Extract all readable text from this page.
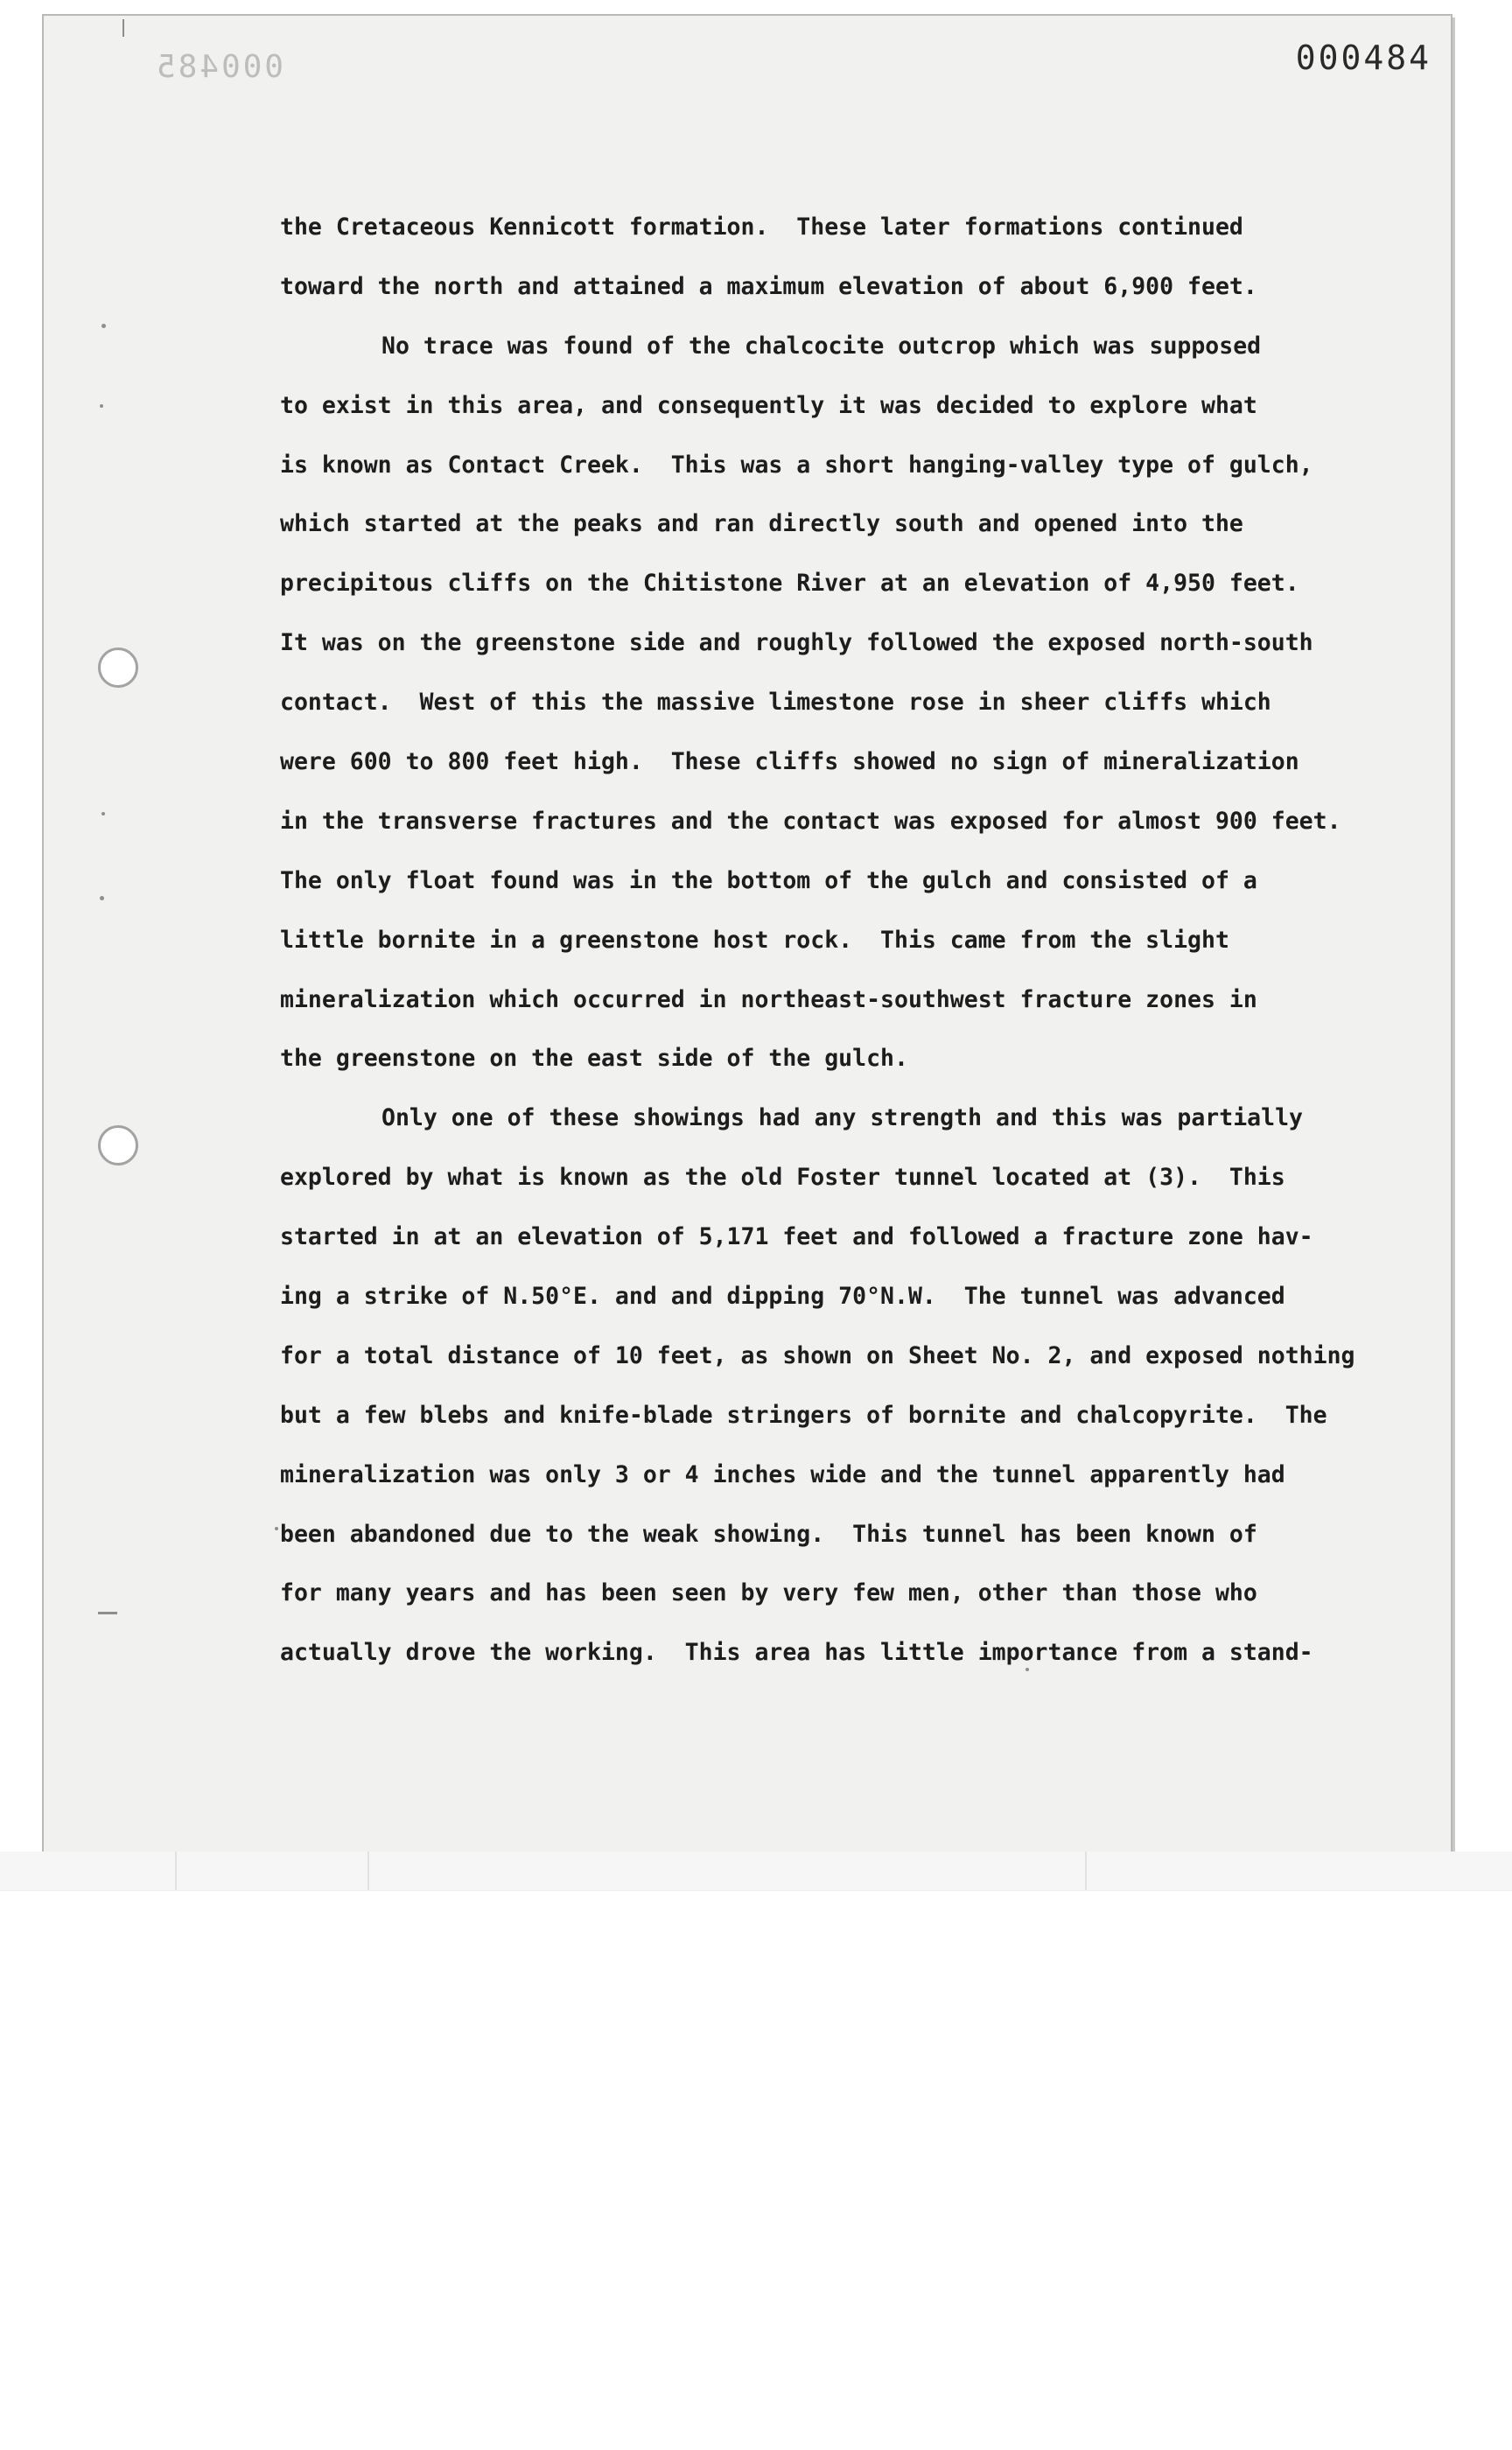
000484
000485
the Cretaceous Kennicott formation.  These later formations continued
toward the north and attained a maximum elevation of about 6,900 feet.
No trace was found of the chalcocite outcrop which was supposed
to exist in this area, and consequently it was decided to explore what
is known as Contact Creek.  This was a short hanging-valley type of gulch,
which started at the peaks and ran directly south and opened into the
precipitous cliffs on the Chitistone River at an elevation of 4,950 feet.
It was on the greenstone side and roughly followed the exposed north-south
contact.  West of this the massive limestone rose in sheer cliffs which
were 600 to 800 feet high.  These cliffs showed no sign of mineralization
in the transverse fractures and the contact was exposed for almost 900 feet.
The only float found was in the bottom of the gulch and consisted of a
little bornite in a greenstone host rock.  This came from the slight
mineralization which occurred in northeast-southwest fracture zones in
the greenstone on the east side of the gulch.
Only one of these showings had any strength and this was partially
explored by what is known as the old Foster tunnel located at (3).  This
started in at an elevation of 5,171 feet and followed a fracture zone hav-
ing a strike of N.50°E. and and dipping 70°N.W.  The tunnel was advanced
for a total distance of 10 feet, as shown on Sheet No. 2, and exposed nothing
but a few blebs and knife-blade stringers of bornite and chalcopyrite.  The
mineralization was only 3 or 4 inches wide and the tunnel apparently had
been abandoned due to the weak showing.  This tunnel has been known of
for many years and has been seen by very few men, other than those who
actually drove the working.  This area has little importance from a stand-
